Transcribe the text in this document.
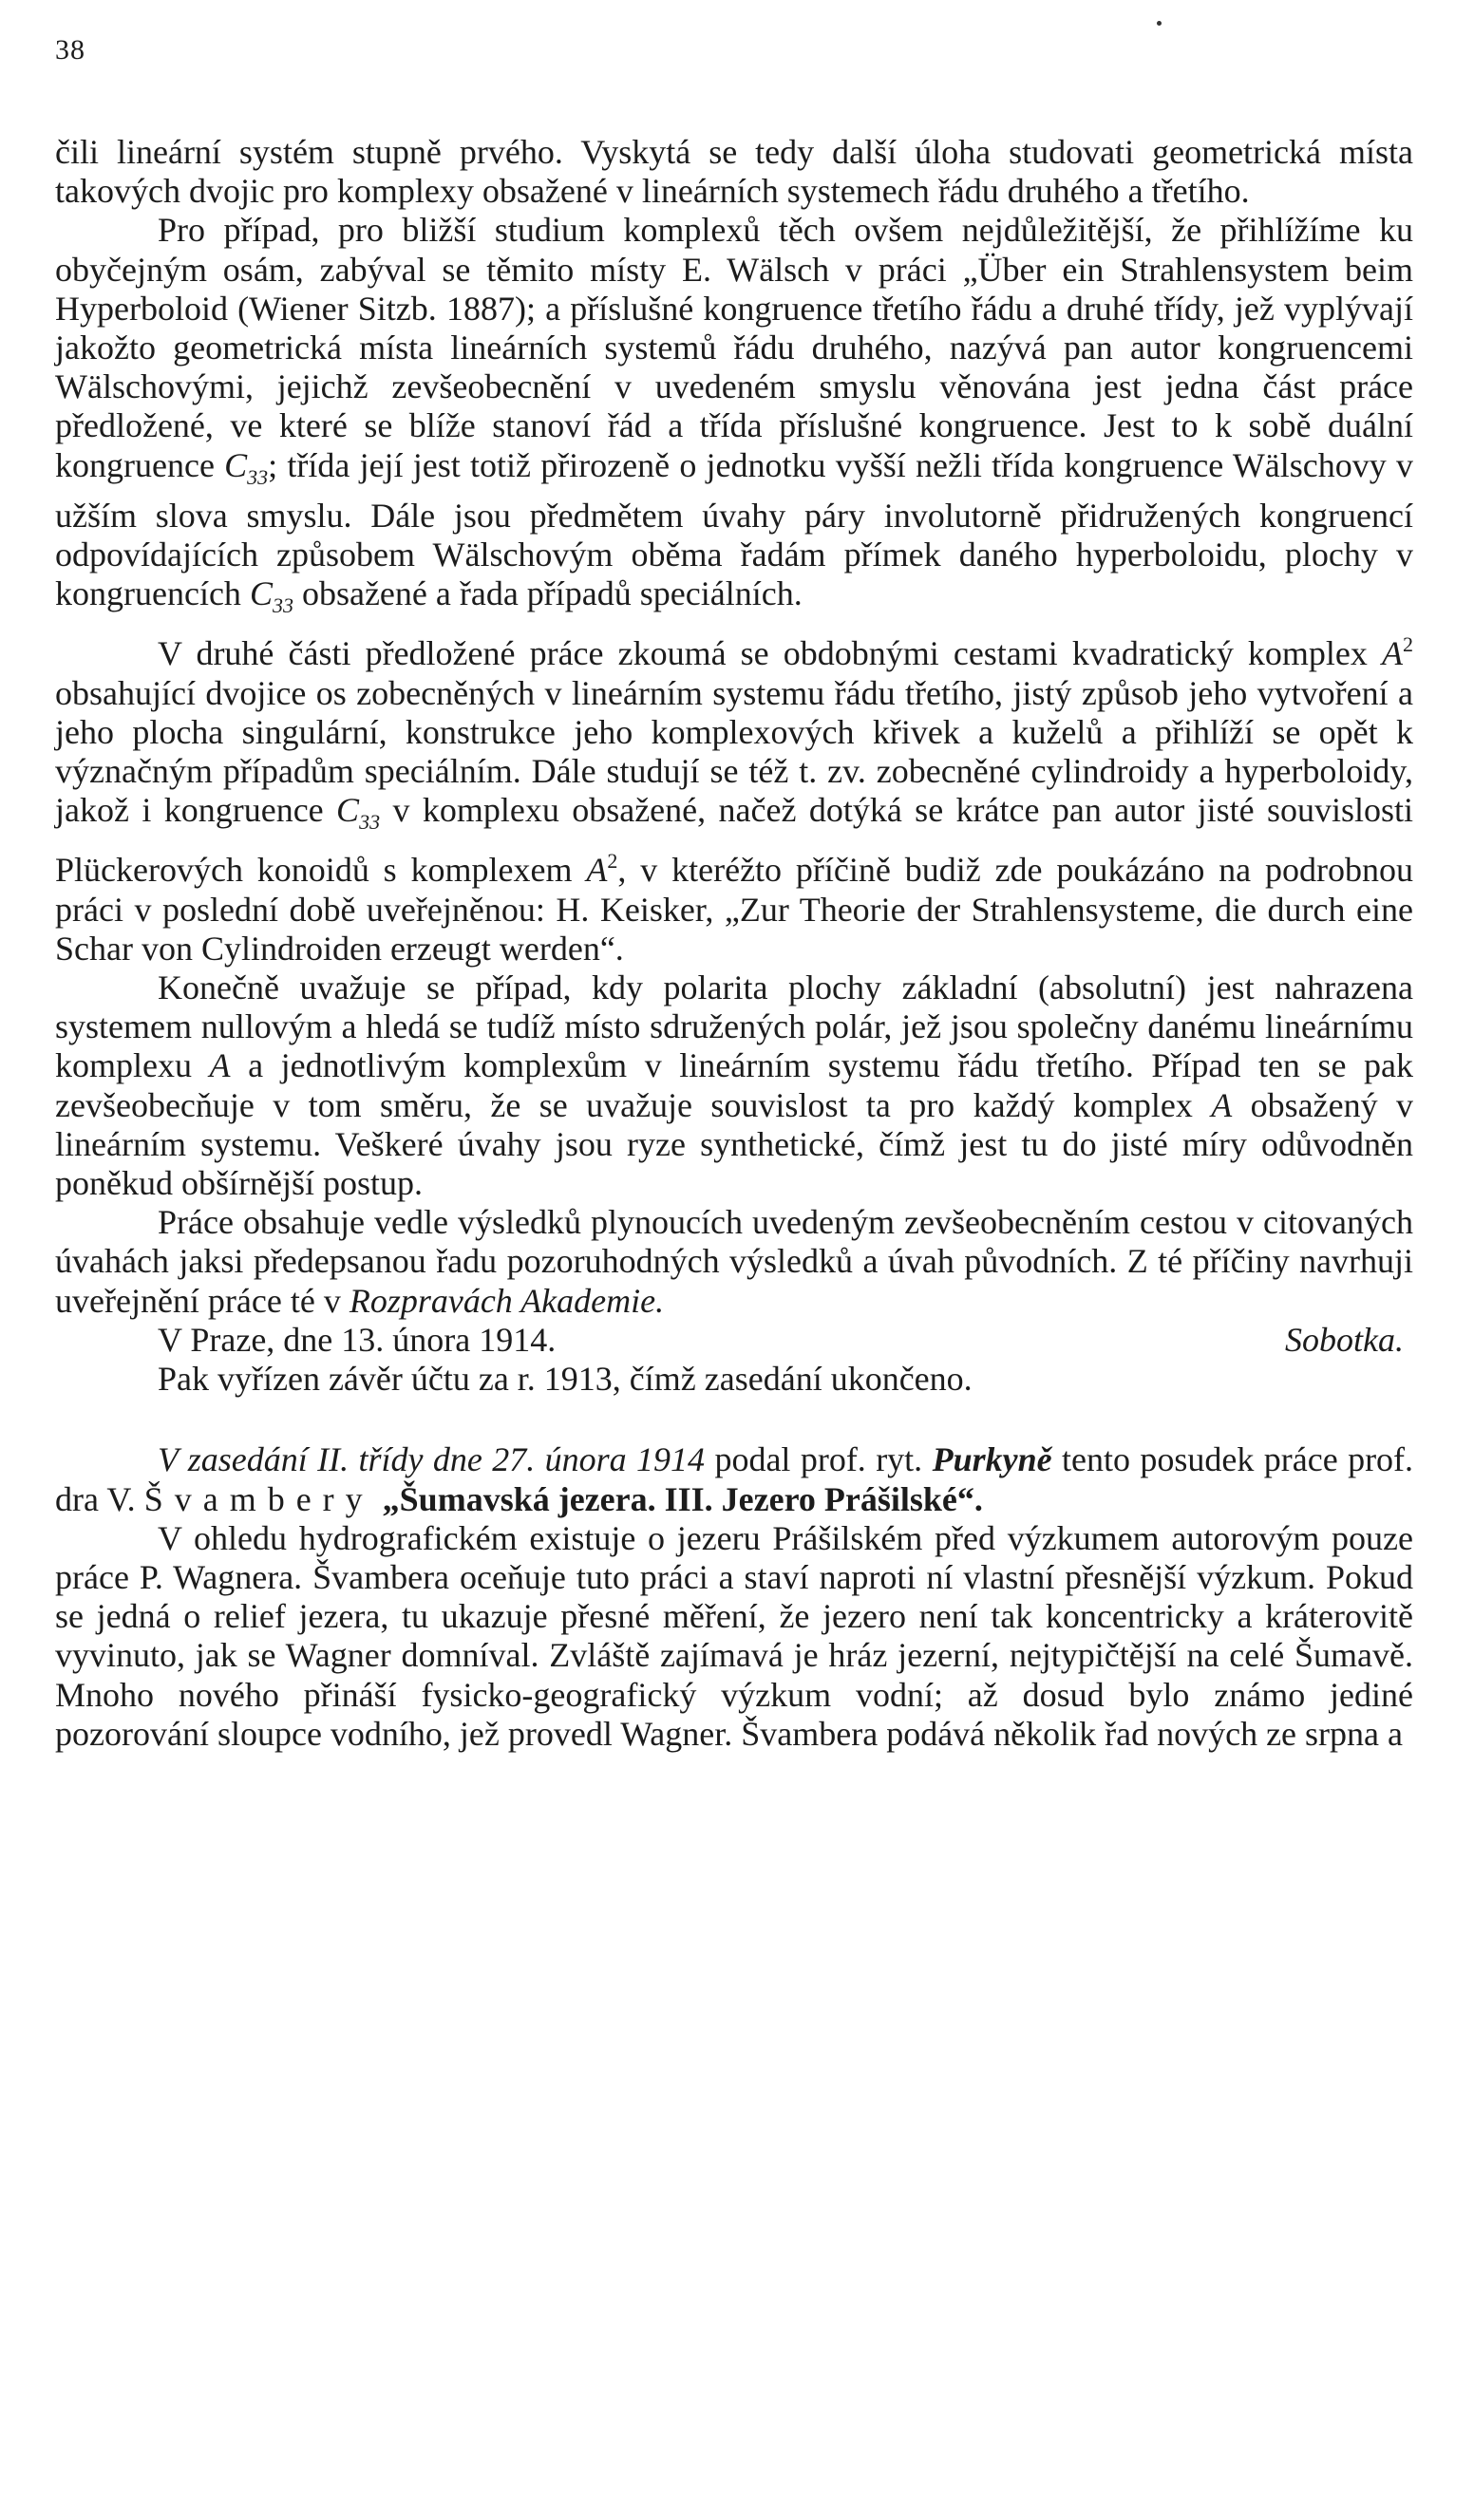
38

čili lineární systém stupně prvého. Vyskytá se tedy další úloha studovati geometrická místa takových dvojic pro komplexy obsažené v lineárních systemech řádu druhého a třetího.

Pro případ, pro bližší studium komplexů těch ovšem nejdůležitější, že přihlížíme ku obyčejným osám, zabýval se těmito místy E. Wälsch v práci „Über ein Strahlensystem beim Hyperboloid (Wiener Sitzb. 1887); a příslušné kongruence třetího řádu a druhé třídy, jež vyplývají jakožto geometrická místa lineárních systemů řádu druhého, nazývá pan autor kongruencemi Wälschovými, jejichž zevšeobecnění v uvedeném smyslu věnována jest jedna část práce předložené, ve které se blíže stanoví řád a třída příslušné kongruence. Jest to k sobě duální kongruence $C_{33}$; třída její jest totiž přirozeně o jednotku vyšší nežli třída kongruence Wälschovy v užším slova smyslu. Dále jsou předmětem úvahy páry involutorně přidružených kongruencí odpovídajících způsobem Wälschovým oběma řadám přímek daného hyperboloidu, plochy v kongruencích $C_{33}$ obsažené a řada případů speciálních.

V druhé části předložené práce zkoumá se obdobnými cestami kvadratický komplex $A^2$ obsahující dvojice os zobecněných v lineárním systemu řádu třetího, jistý způsob jeho vytvoření a jeho plocha singulární, konstrukce jeho komplexových křivek a kuželů a přihlíží se opět k význačným případům speciálním. Dále studují se též t. zv. zobecněné cylindroidy a hyperboloidy, jakož i kongruence $C_{33}$ v komplexu obsažené, načež dotýká se krátce pan autor jisté souvislosti Plückerových konoidů s komplexem $A^2$, v kteréžto příčině budiž zde poukázáno na podrobnou práci v poslední době uveřejněnou: H. Keisker, „Zur Theorie der Strahlensysteme, die durch eine Schar von Cylindroiden erzeugt werden“.

Konečně uvažuje se případ, kdy polarita plochy základní (absolutní) jest nahrazena systemem nullovým a hledá se tudíž místo sdružených polár, jež jsou společny danému lineárnímu komplexu A a jednotlivým komplexům v lineárním systemu řádu třetího. Případ ten se pak zevšeobecňuje v tom směru, že se uvažuje souvislost ta pro každý komplex A obsažený v lineárním systemu. Veškeré úvahy jsou ryze synthetické, čímž jest tu do jisté míry odůvodněn poněkud obšírnější postup.

Práce obsahuje vedle výsledků plynoucích uvedeným zevšeobecněním cestou v citovaných úvahách jaksi předepsanou řadu pozoruhodných výsledků a úvah původních. Z té příčiny navrhuji uveřejnění práce té v Rozpravách Akademie.

V Praze, dne 13. února 1914.	Sobotka.

Pak vyřízen závěr účtu za r. 1913, čímž zasedání ukončeno.

V zasedání II. třídy dne 27. února 1914 podal prof. ryt. Purkyně tento posudek práce prof. dra V. Švambery „Šumavská jezera. III. Jezero Prášilské“.

V ohledu hydrografickém existuje o jezeru Prášilském před výzkumem autorovým pouze práce P. Wagnera. Švambera oceňuje tuto práci a staví naproti ní vlastní přesnější výzkum. Pokud se jedná o relief jezera, tu ukazuje přesné měření, že jezero není tak koncentricky a kráterovitě vyvinuto, jak se Wagner domníval. Zvláště zajímavá je hráz jezerní, nejtypičtější na celé Šumavě. Mnoho nového přináší fysicko-geografický výzkum vodní; až dosud bylo známo jediné pozorování sloupce vodního, jež provedl Wagner. Švambera podává několik řad nových ze srpna a
